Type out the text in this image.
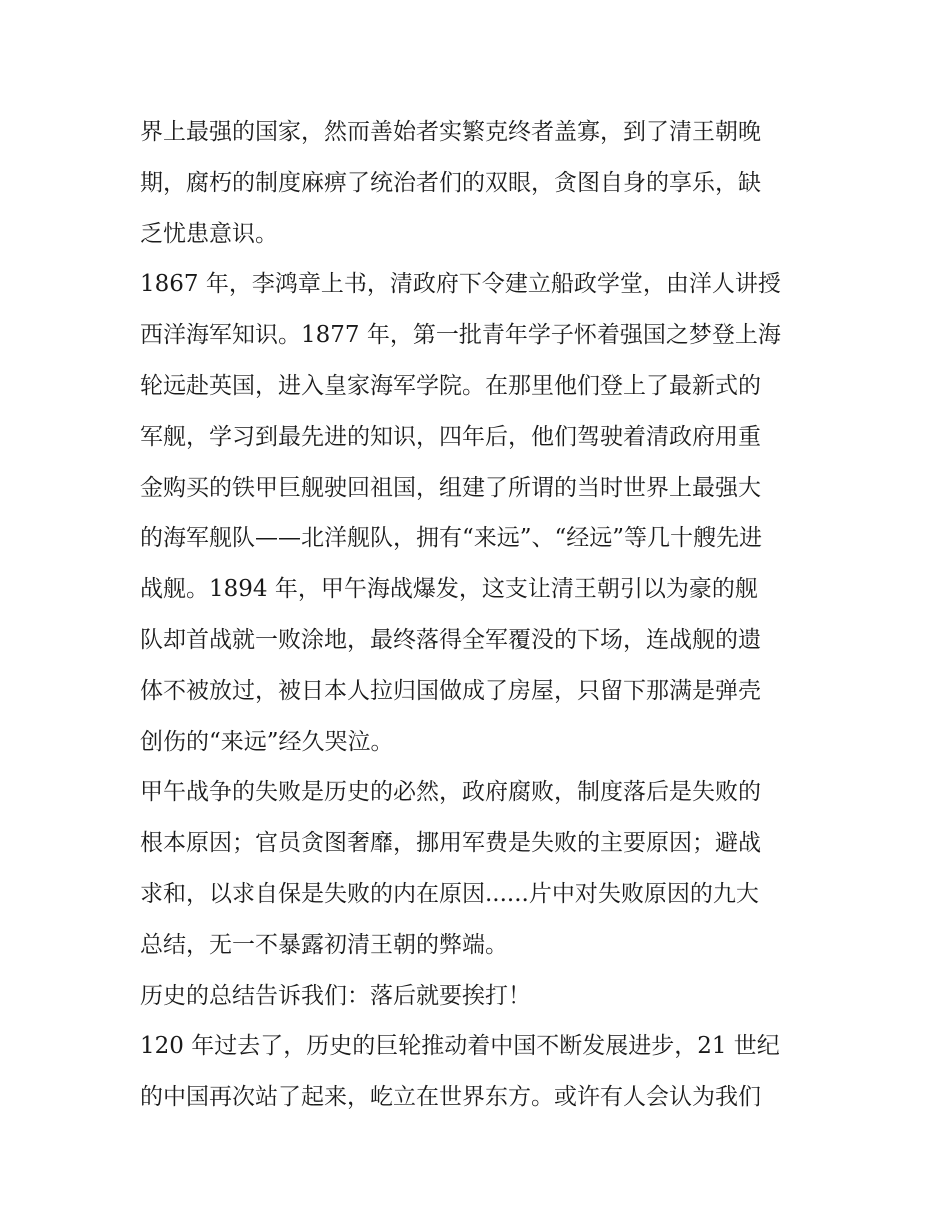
界上最强的国家，然而善始者实繁克终者盖寡，到了清王朝晚
期，腐朽的制度麻痹了统治者们的双眼，贪图自身的享乐，缺
乏忧患意识。
1867 年，李鸿章上书，清政府下令建立船政学堂，由洋人讲授
西洋海军知识。1877 年，第一批青年学子怀着强国之梦登上海
轮远赴英国，进入皇家海军学院。在那里他们登上了最新式的
军舰，学习到最先进的知识，四年后，他们驾驶着清政府用重
金购买的铁甲巨舰驶回祖国，组建了所谓的当时世界上最强大
的海军舰队——北洋舰队，拥有“来远”、“经远”等几十艘先进
战舰。1894 年，甲午海战爆发，这支让清王朝引以为豪的舰
队却首战就一败涂地，最终落得全军覆没的下场，连战舰的遗
体不被放过，被日本人拉归国做成了房屋，只留下那满是弹壳
创伤的“来远”经久哭泣。
甲午战争的失败是历史的必然，政府腐败，制度落后是失败的
根本原因；官员贪图奢靡，挪用军费是失败的主要原因；避战
求和，以求自保是失败的内在原因......片中对失败原因的九大
总结，无一不暴露初清王朝的弊端。
历史的总结告诉我们：落后就要挨打！
120 年过去了，历史的巨轮推动着中国不断发展进步，21 世纪
的中国再次站了起来，屹立在世界东方。或许有人会认为我们
